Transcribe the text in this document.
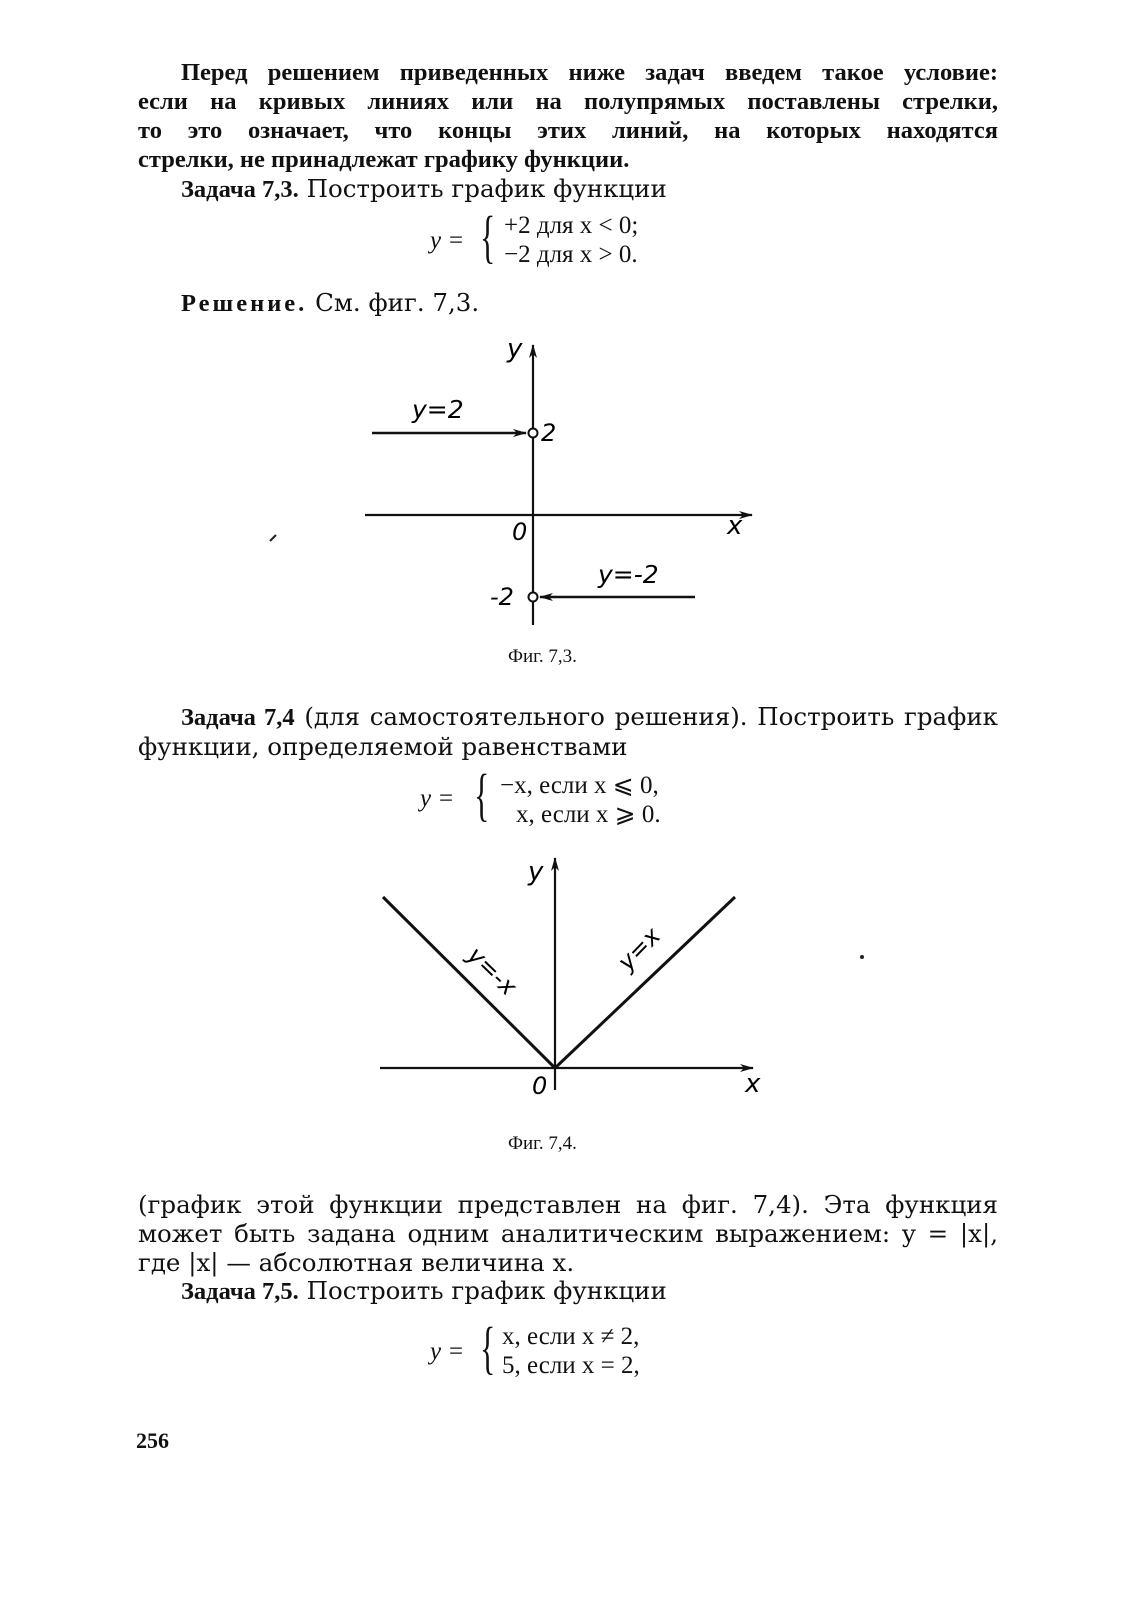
Перед решением приведенных ниже задач введем такое условие:
если на кривых линиях или на полупрямых поставлены стрелки,
то это означает, что концы этих линий, на которых находятся
стрелки, не принадлежат графику функции.
Задача 7,3. Построить график функции
y = { +2 для x < 0;
−2 для x > 0.
Решение. См. фиг. 7,3.
y
x
0
2
-2
y=2
y=-2
Фиг. 7,3.
Задача 7,4 (для самостоятельного решения). Построить график
функции, определяемой равенствами
y = { −x, если x ⩽ 0,
x, если x ⩾ 0.
y
x
0
y=-x	y=x
Фиг. 7,4.
(график этой функции представлен на фиг. 7,4). Эта функция
может быть задана одним аналитическим выражением: y = |x|,
где |x| — абсолютная величина x.
Задача 7,5. Построить график функции
y = { x, если x ≠ 2,
5, если x = 2,
256
